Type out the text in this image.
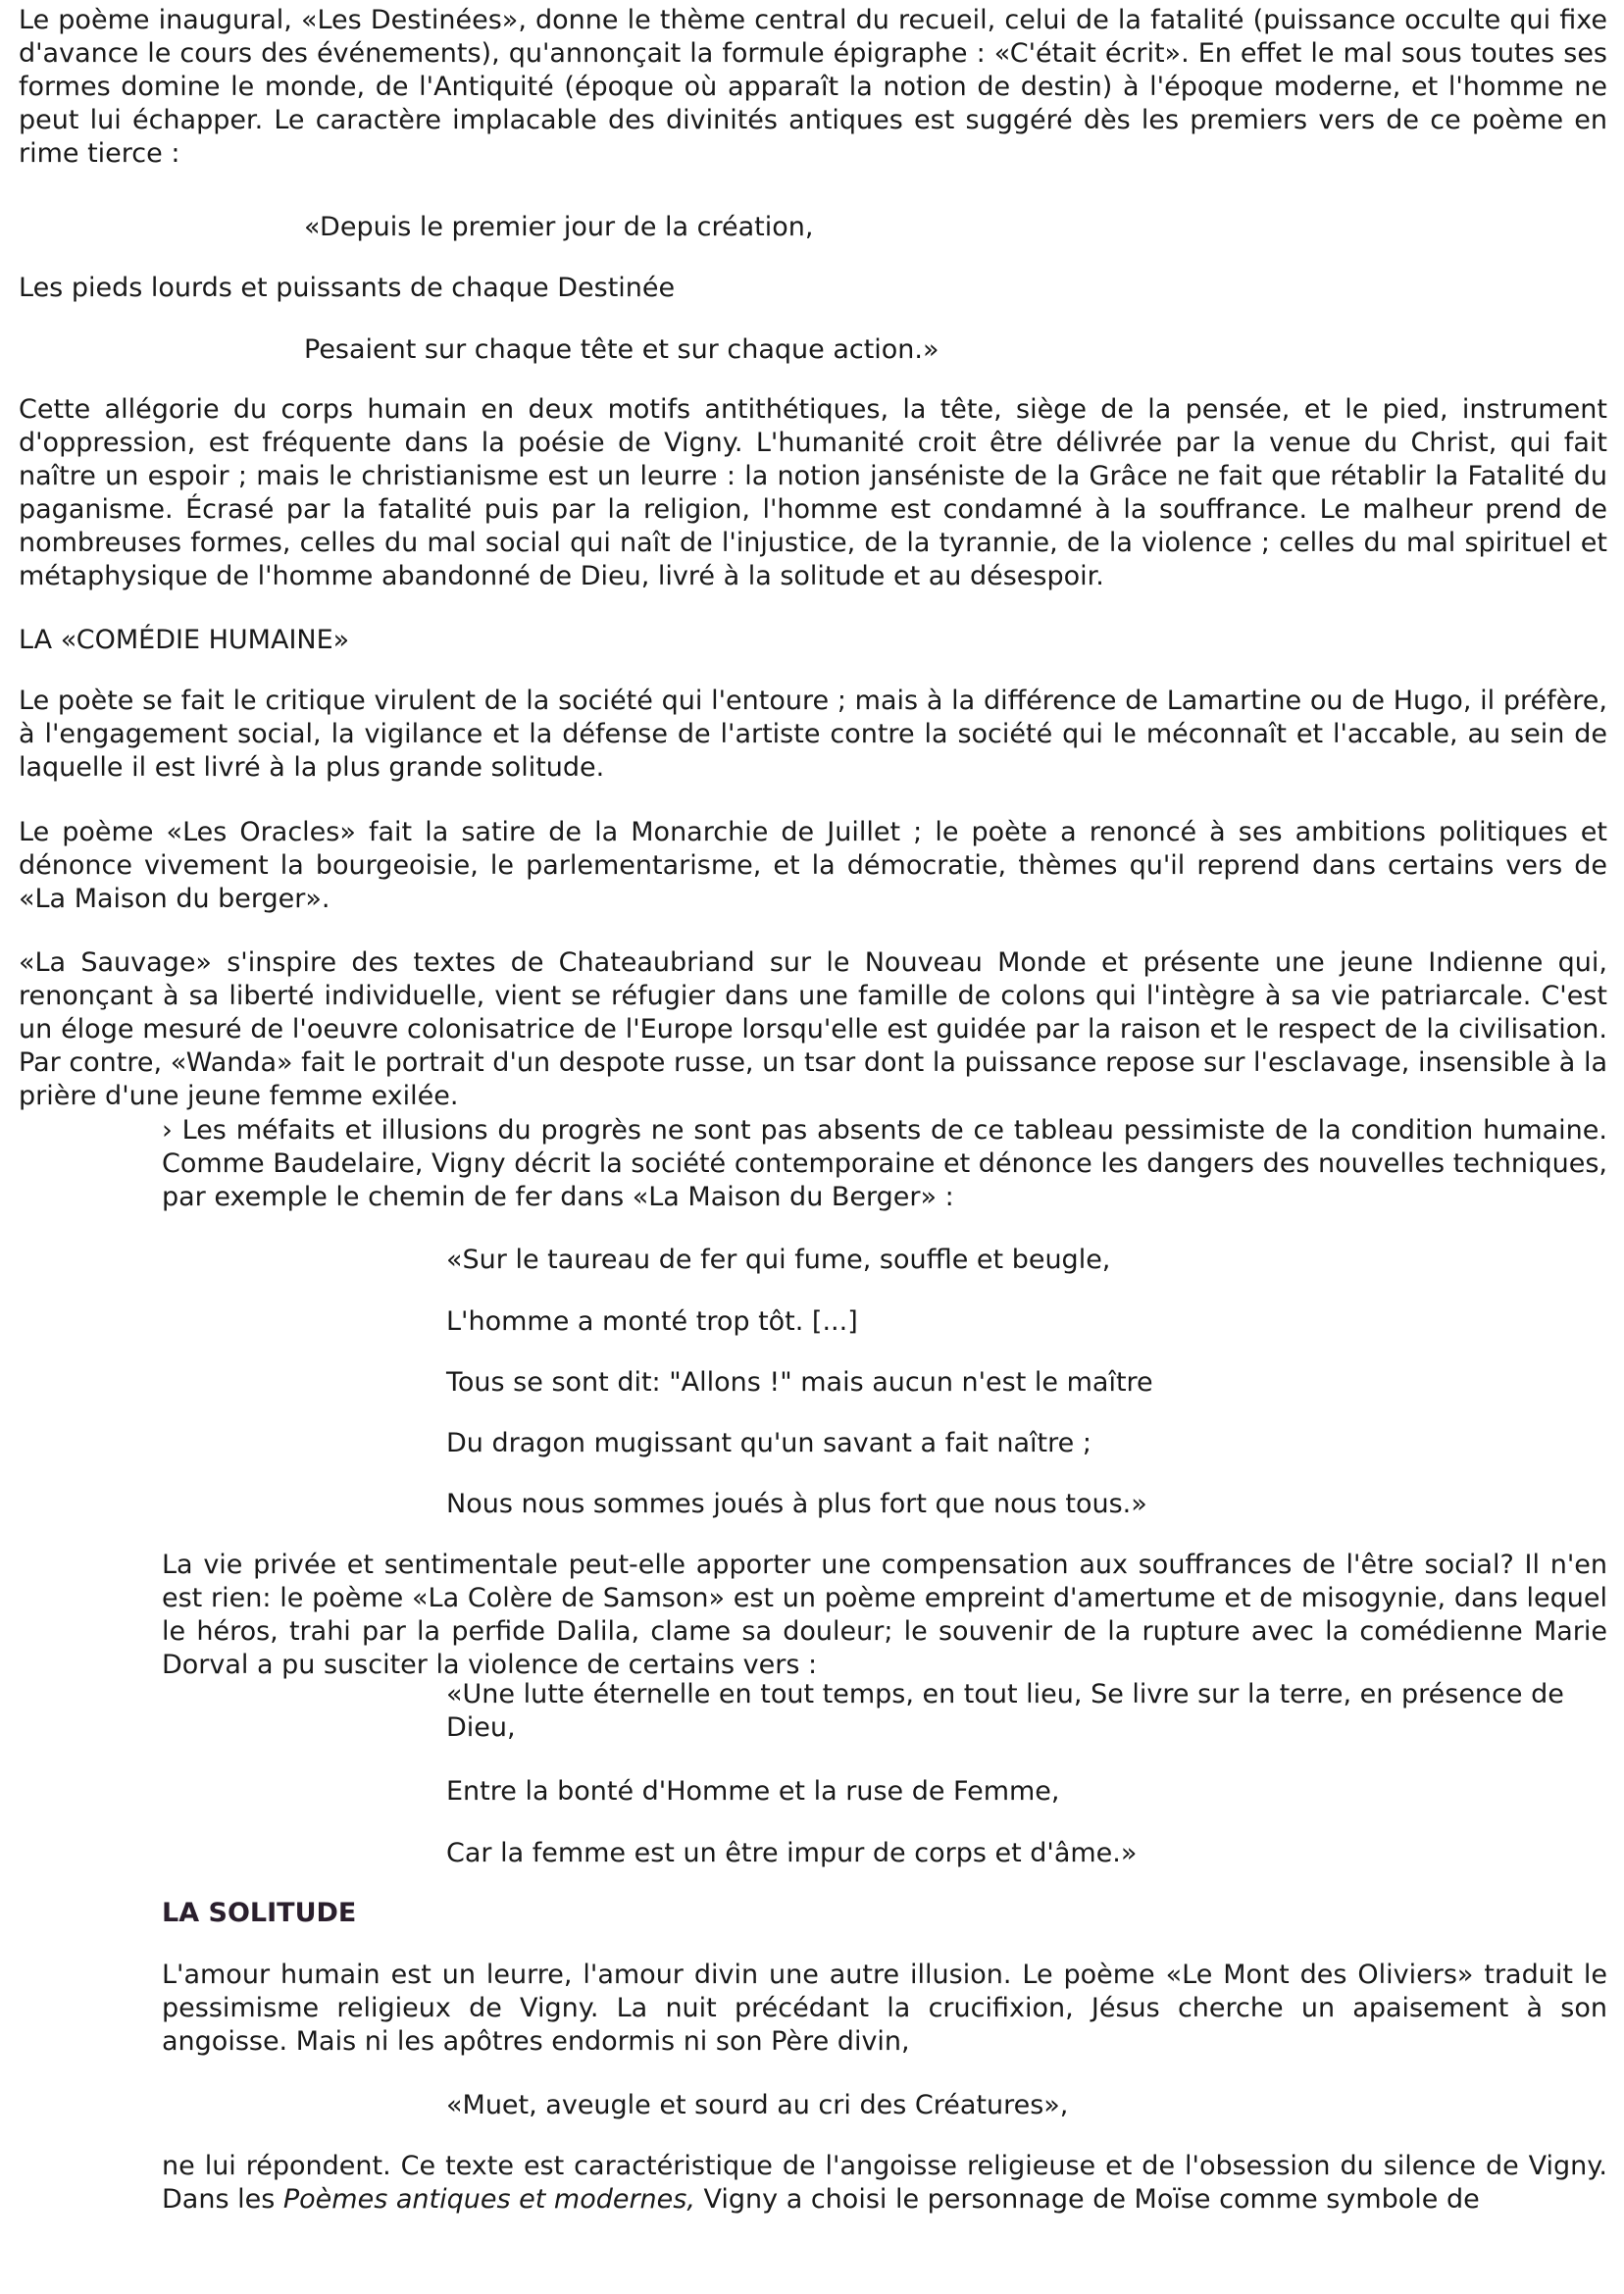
Le poème inaugural, «Les Destinées», donne le thème central du recueil, celui de la fatalité (puissance occulte qui fixe d'avance le cours des événements), qu'annonçait la formule épigraphe : «C'était écrit». En effet le mal sous toutes ses formes domine le monde, de l'Antiquité (époque où apparaît la notion de destin) à l'époque moderne, et l'homme ne peut lui échapper. Le caractère implacable des divinités antiques est suggéré dès les premiers vers de ce poème en rime tierce :

«Depuis le premier jour de la création,

Les pieds lourds et puissants de chaque Destinée

Pesaient sur chaque tête et sur chaque action.»

Cette allégorie du corps humain en deux motifs antithétiques, la tête, siège de la pensée, et le pied, instrument d'oppression, est fréquente dans la poésie de Vigny. L'humanité croit être délivrée par la venue du Christ, qui fait naître un espoir ; mais le christianisme est un leurre : la notion janséniste de la Grâce ne fait que rétablir la Fatalité du paganisme. Écrasé par la fatalité puis par la religion, l'homme est condamné à la souffrance. Le malheur prend de nombreuses formes, celles du mal social qui naît de l'injustice, de la tyrannie, de la violence ; celles du mal spirituel et métaphysique de l'homme abandonné de Dieu, livré à la solitude et au désespoir.

LA «COMÉDIE HUMAINE»

Le poète se fait le critique virulent de la société qui l'entoure ; mais à la différence de Lamartine ou de Hugo, il préfère, à l'engagement social, la vigilance et la défense de l'artiste contre la société qui le méconnaît et l'accable, au sein de laquelle il est livré à la plus grande solitude.

Le poème «Les Oracles» fait la satire de la Monarchie de Juillet ; le poète a renoncé à ses ambitions politiques et dénonce vivement la bourgeoisie, le parlementarisme, et la démocratie, thèmes qu'il reprend dans certains vers de «La Maison du berger».

«La Sauvage» s'inspire des textes de Chateaubriand sur le Nouveau Monde et présente une jeune Indienne qui, renonçant à sa liberté individuelle, vient se réfugier dans une famille de colons qui l'intègre à sa vie patriarcale. C'est un éloge mesuré de l'oeuvre colonisatrice de l'Europe lorsqu'elle est guidée par la raison et le respect de la civilisation. Par contre, «Wanda» fait le portrait d'un despote russe, un tsar dont la puissance repose sur l'esclavage, insensible à la prière d'une jeune femme exilée.

› Les méfaits et illusions du progrès ne sont pas absents de ce tableau pessimiste de la condition humaine. Comme Baudelaire, Vigny décrit la société contemporaine et dénonce les dangers des nouvelles techniques, par exemple le chemin de fer dans «La Maison du Berger» :

«Sur le taureau de fer qui fume, souffle et beugle,

L'homme a monté trop tôt. [...]

Tous se sont dit: "Allons !" mais aucun n'est le maître

Du dragon mugissant qu'un savant a fait naître ;

Nous nous sommes joués à plus fort que nous tous.»

La vie privée et sentimentale peut-elle apporter une compensation aux souffrances de l'être social? Il n'en est rien: le poème «La Colère de Samson» est un poème empreint d'amertume et de misogynie, dans lequel le héros, trahi par la perfide Dalila, clame sa douleur; le souvenir de la rupture avec la comédienne Marie Dorval a pu susciter la violence de certains vers :

«Une lutte éternelle en tout temps, en tout lieu, Se livre sur la terre, en présence de Dieu,

Entre la bonté d'Homme et la ruse de Femme,

Car la femme est un être impur de corps et d'âme.»

LA SOLITUDE

L'amour humain est un leurre, l'amour divin une autre illusion. Le poème «Le Mont des Oliviers» traduit le pessimisme religieux de Vigny. La nuit précédant la crucifixion, Jésus cherche un apaisement à son angoisse. Mais ni les apôtres endormis ni son Père divin,

«Muet, aveugle et sourd au cri des Créatures»,

ne lui répondent. Ce texte est caractéristique de l'angoisse religieuse et de l'obsession du silence de Vigny. Dans les Poèmes antiques et modernes, Vigny a choisi le personnage de Moïse comme symbole de
